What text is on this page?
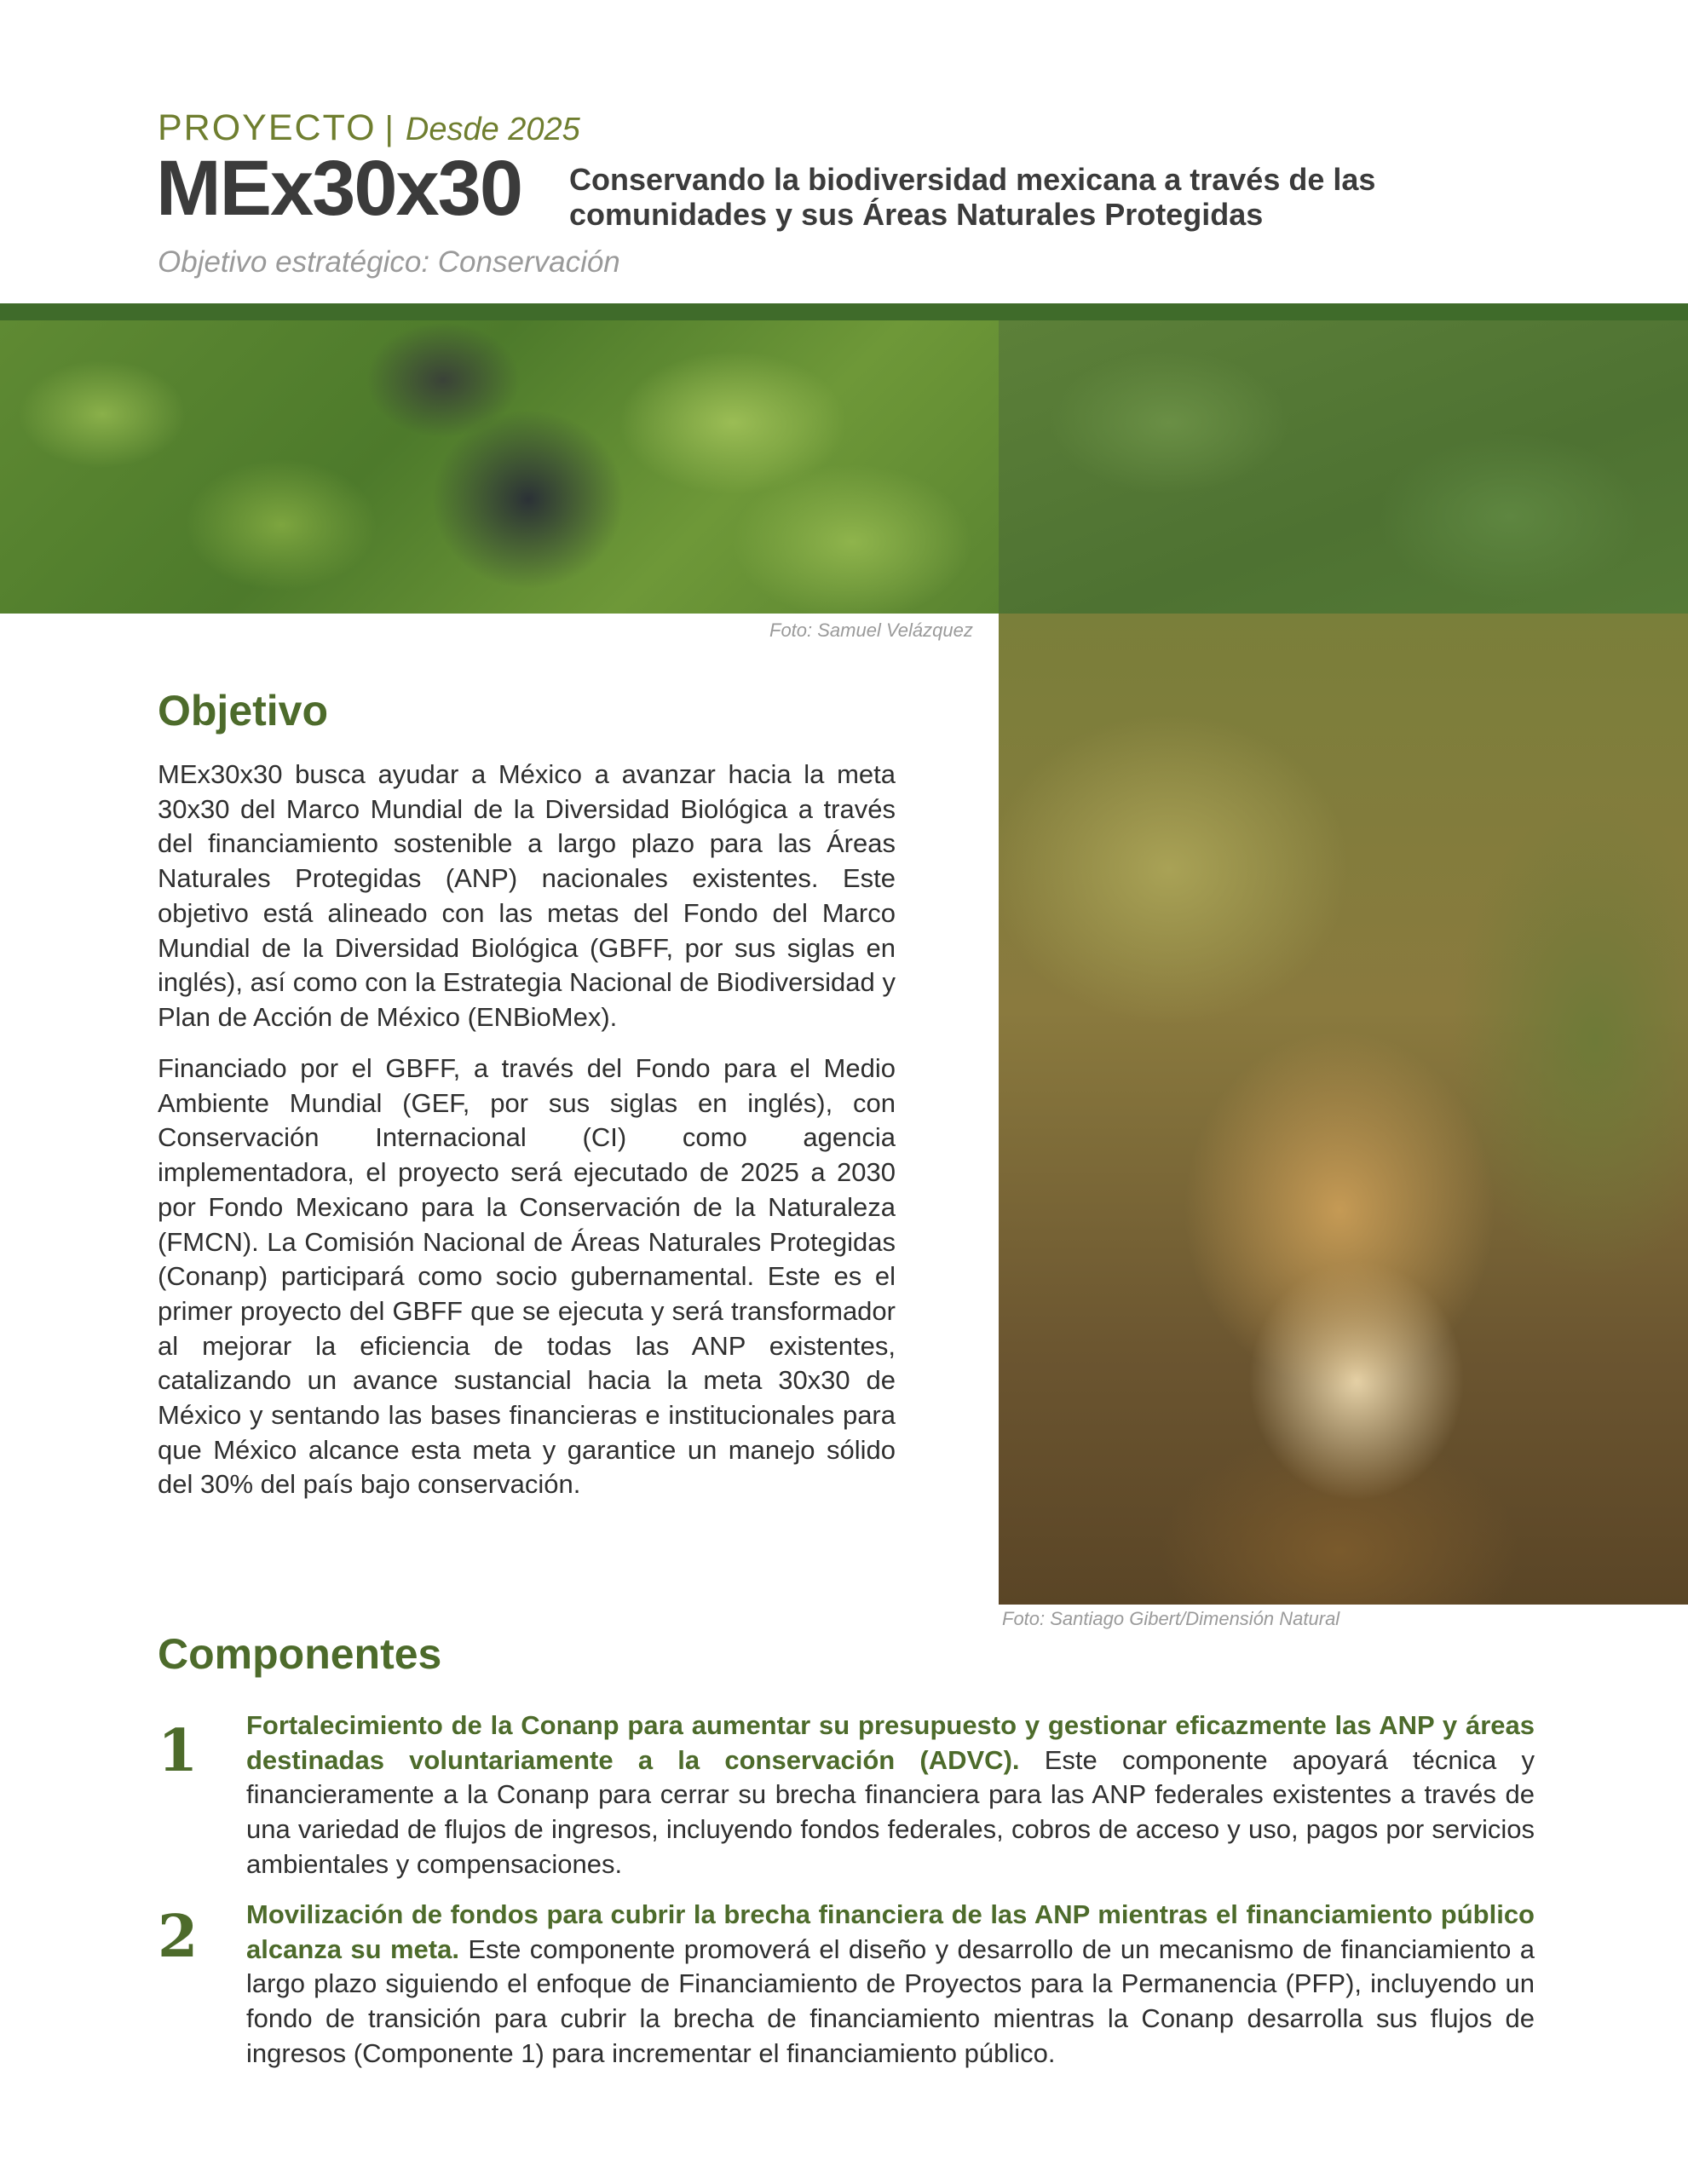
PROYECTO | Desde 2025
MEx30x30 Conservando la biodiversidad mexicana a través de las comunidades y sus Áreas Naturales Protegidas
Objetivo estratégico: Conservación
Foto: Samuel Velázquez
Foto: Santiago Gibert/Dimensión Natural
Objetivo

MEx30x30 busca ayudar a México a avanzar hacia la meta 30x30 del Marco Mundial de la Diversidad Biológica a través del financiamiento sostenible a largo plazo para las Áreas Naturales Protegidas (ANP) nacionales existentes. Este objetivo está alineado con las metas del Fondo del Marco Mundial de la Diversidad Biológica (GBFF, por sus siglas en inglés), así como con la Estrategia Nacional de Biodiversidad y Plan de Acción de México (ENBioMex).

Financiado por el GBFF, a través del Fondo para el Medio Ambiente Mundial (GEF, por sus siglas en inglés), con Conservación Internacional (CI) como agencia implementadora, el proyecto será ejecutado de 2025 a 2030 por Fondo Mexicano para la Conservación de la Naturaleza (FMCN). La Comisión Nacional de Áreas Naturales Protegidas (Conanp) participará como socio gubernamental. Este es el primer proyecto del GBFF que se ejecuta y será transformador al mejorar la eficiencia de todas las ANP existentes, catalizando un avance sustancial hacia la meta 30x30 de México y sentando las bases financieras e institucionales para que México alcance esta meta y garantice un manejo sólido del 30% del país bajo conservación.

Componentes
1 Fortalecimiento de la Conanp para aumentar su presupuesto y gestionar eficazmente las ANP y áreas destinadas voluntariamente a la conservación (ADVC). Este componente apoyará técnica y financieramente a la Conanp para cerrar su brecha financiera para las ANP federales existentes a través de una variedad de flujos de ingresos, incluyendo fondos federales, cobros de acceso y uso, pagos por servicios ambientales y compensaciones.

2 Movilización de fondos para cubrir la brecha financiera de las ANP mientras el financiamiento público alcanza su meta. Este componente promoverá el diseño y desarrollo de un mecanismo de financiamiento a largo plazo siguiendo el enfoque de Financiamiento de Proyectos para la Permanencia (PFP), incluyendo un fondo de transición para cubrir la brecha de financiamiento mientras la Conanp desarrolla sus flujos de ingresos (Componente 1) para incrementar el financiamiento público.
